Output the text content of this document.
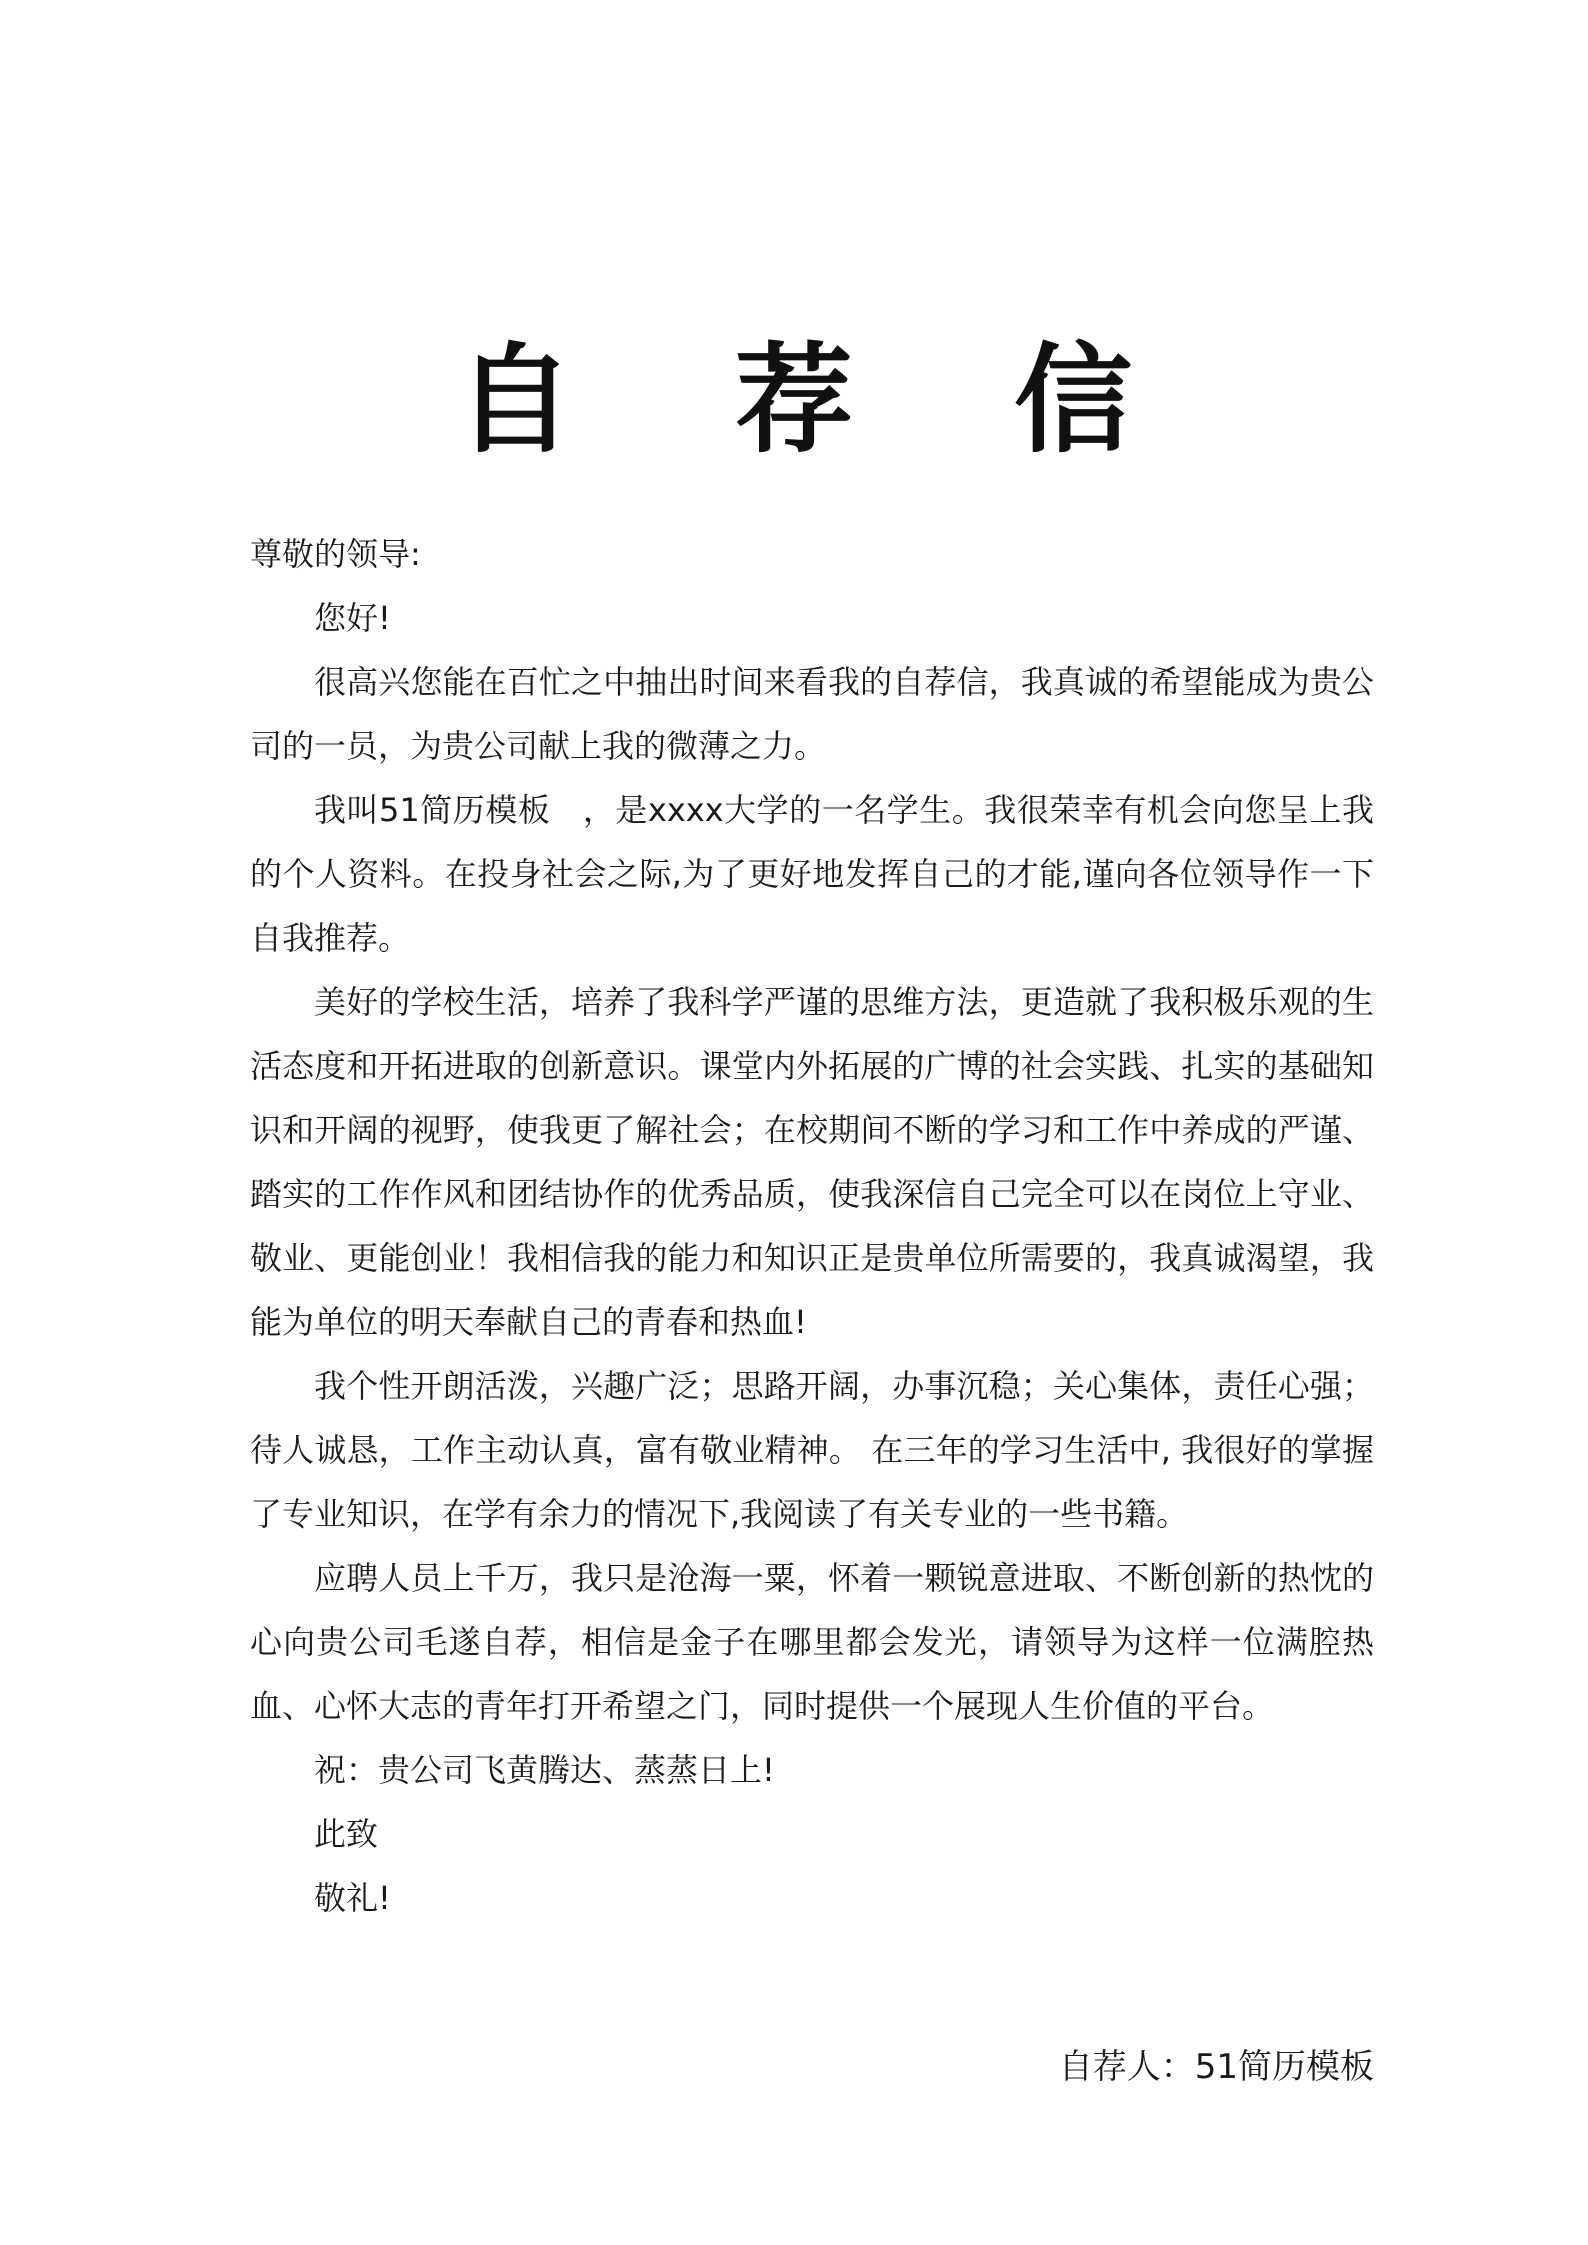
自 荐 信

尊敬的领导:

您好!

很高兴您能在百忙之中抽出时间来看我的自荐信，我真诚的希望能成为贵公司的一员，为贵公司献上我的微薄之力。

我叫51简历模板　，是xxxx大学的一名学生。我很荣幸有机会向您呈上我的个人资料。在投身社会之际,为了更好地发挥自己的才能,谨向各位领导作一下自我推荐。

美好的学校生活，培养了我科学严谨的思维方法，更造就了我积极乐观的生活态度和开拓进取的创新意识。课堂内外拓展的广博的社会实践、扎实的基础知识和开阔的视野，使我更了解社会；在校期间不断的学习和工作中养成的严谨、踏实的工作作风和团结协作的优秀品质，使我深信自己完全可以在岗位上守业、敬业、更能创业！我相信我的能力和知识正是贵单位所需要的，我真诚渴望，我能为单位的明天奉献自己的青春和热血!

我个性开朗活泼，兴趣广泛；思路开阔，办事沉稳；关心集体，责任心强；待人诚恳，工作主动认真，富有敬业精神。 在三年的学习生活中, 我很好的掌握了专业知识，在学有余力的情况下,我阅读了有关专业的一些书籍。

应聘人员上千万，我只是沧海一粟，怀着一颗锐意进取、不断创新的热忱的心向贵公司毛遂自荐，相信是金子在哪里都会发光，请领导为这样一位满腔热血、心怀大志的青年打开希望之门，同时提供一个展现人生价值的平台。

祝：贵公司飞黄腾达、蒸蒸日上!

此致

敬礼!

自荐人：51简历模板
